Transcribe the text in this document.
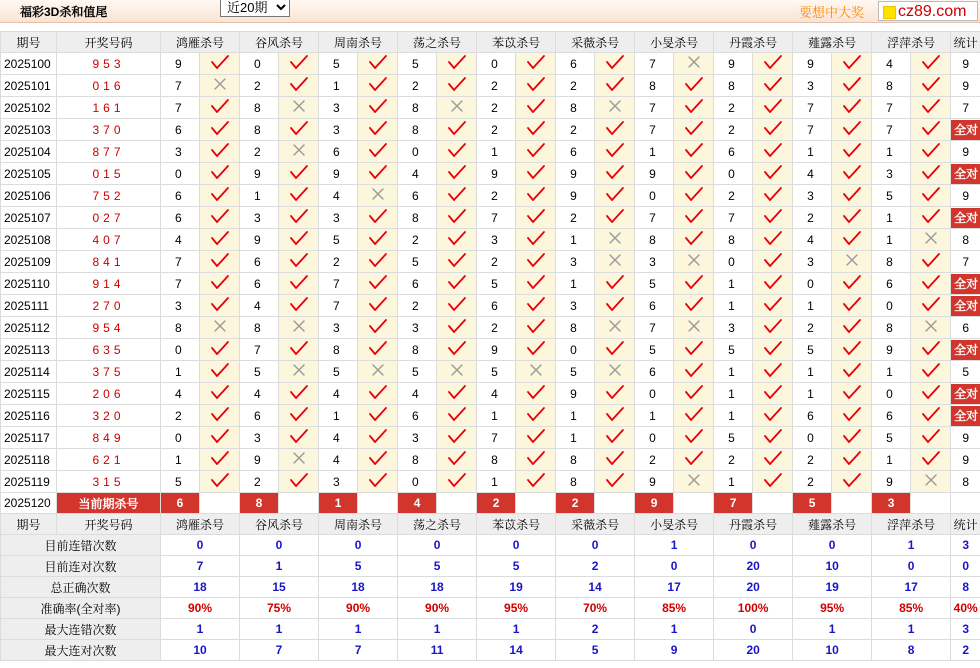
福彩3D杀和值尾
近20期	要想中大奖 cz89.com
期号	开奖号码	鸿雁杀号		谷风杀号		周南杀号		荡之杀号		苯苡杀号		采薇杀号		小旻杀号		丹霞杀号		薤露杀号		浮萍杀号		统计
2025100	953	9		0		5		5		0		6		7		9		9		4		9
2025101	016	7		2		1		2		2		2		8		8		3		8		9
2025102	161	7		8		3		8		2		8		7		2		7		7		7
2025103	370	6		8		3		8		2		2		7		2		7		7		全对
2025104	877	3		2		6		0		1		6		1		6		1		1		9
2025105	015	0		9		9		4		9		9		9		0		4		3		全对
2025106	752	6		1		4		6		2		9		0		2		3		5		9
2025107	027	6		3		3		8		7		2		7		7		2		1		全对
2025108	407	4		9		5		2		3		1		8		8		4		1		8
2025109	841	7		6		2		5		2		3		3		0		3		8		7
2025110	914	7		6		7		6		5		1		5		1		0		6		全对
2025111	270	3		4		7		2		6		3		6		1		1		0		全对
2025112	954	8		8		3		3		2		8		7		3		2		8		6
2025113	635	0		7		8		8		9		0		5		5		5		9		全对
2025114	375	1		5		5		5		5		5		6		1		1		1		5
2025115	206	4		4		4		4		4		9		0		1		1		0		全对
2025116	320	2		6		1		6		1		1		1		1		6		6		全对
2025117	849	0		3		4		3		7		1		0		5		0		5		9
2025118	621	1		9		4		8		8		8		2		2		2		1		9
2025119	315	5		2		3		0		1		8		9		1		2		9		8
2025120	当前期杀号	6		8		1		4		2		2		9		7		5		3		
期号	开奖号码	鸿雁杀号		谷风杀号		周南杀号		荡之杀号		苯苡杀号		采薇杀号		小旻杀号		丹霞杀号		薤露杀号		浮萍杀号		统计
目前连错次数		0		0		0		0		0		0		1		0		0		1		3
目前连对次数		7		1		5		5		5		2		0		20		10		0		0
总正确次数		18		15		18		18		19		14		17		20		19		17		8
准确率(全对率)		90%		75%		90%		90%		95%		70%		85%		100%		95%		85%		40%
最大连错次数		1		1		1		1		1		2		1		0		1		1		3
最大连对次数		10		7		7		11		14		5		9		20		10		8		2
